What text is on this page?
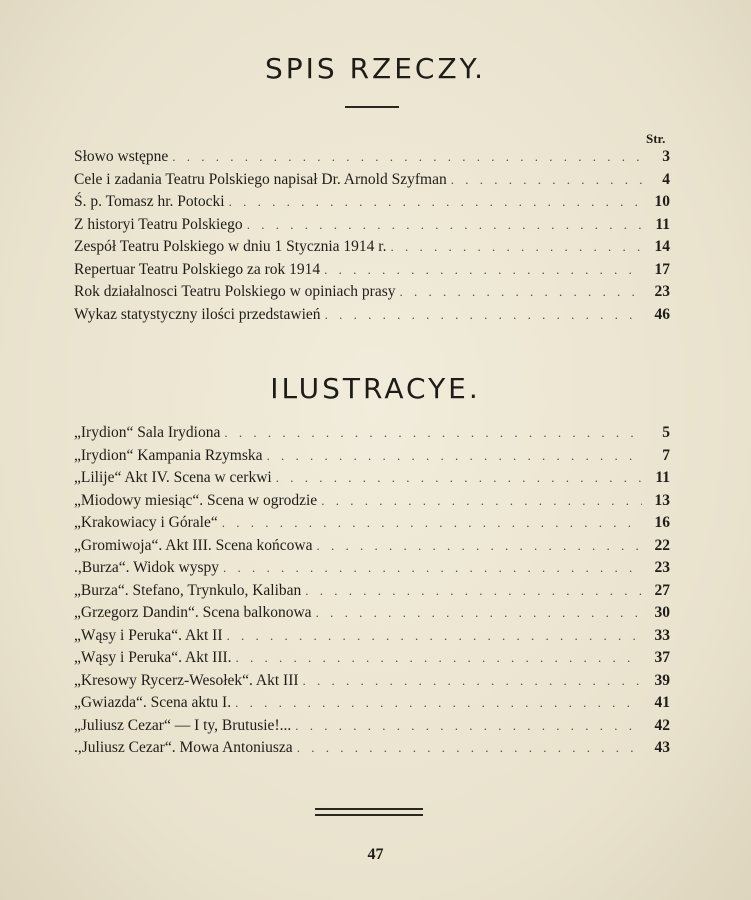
SPIS RZECZY.
Str.
Słowo wstępne . . .	3
Cele i zadania Teatru Polskiego napisał Dr. Arnold Szyfman . . .	4
Ś. p. Tomasz hr. Potocki . . .	10
Z historyi Teatru Polskiego . . .	11
Zespół Teatru Polskiego w dniu 1 Stycznia 1914 r. . . .	14
Repertuar Teatru Polskiego za rok 1914 . . .	17
Rok działalnosci Teatru Polskiego w opiniach prasy . . .	23
Wykaz statystyczny ilości przedstawień . . .	46
ILUSTRACYE.
„Irydion“ Sala Irydiona . . .	5
„Irydion“ Kampania Rzymska . . .	7
„Lilije“ Akt IV. Scena w cerkwi . . .	11
„Miodowy miesiąc“. Scena w ogrodzie . . .	13
„Krakowiacy i Górale“ . . .	16
„Gromiwoja“. Akt III. Scena końcowa . . .	22
.,Burza“. Widok wyspy . . .	23
„Burza“. Stefano, Trynkulo, Kaliban . . .	27
„Grzegorz Dandin“. Scena balkonowa . . .	30
„Wąsy i Peruka“. Akt II . . .	33
„Wąsy i Peruka“. Akt III. . . .	37
„Kresowy Rycerz-Wesołek“. Akt III . . .	39
„Gwiazda“. Scena aktu I. . . .	41
„Juliusz Cezar“ — I ty, Brutusie!... . . .	42
.,Juliusz Cezar“. Mowa Antoniusza . . .	43
47
